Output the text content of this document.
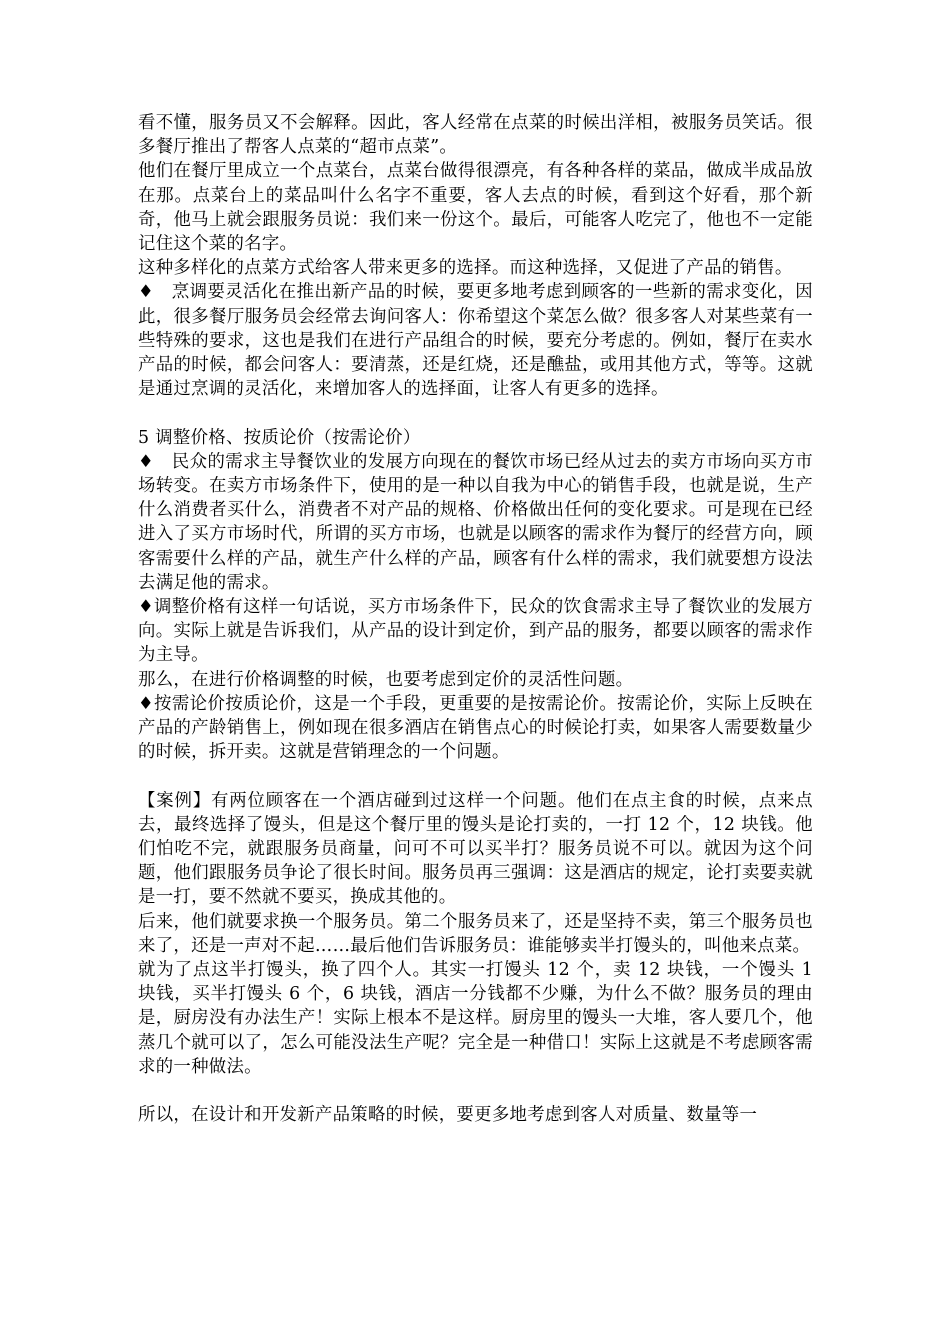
看不懂，服务员又不会解释。因此，客人经常在点菜的时候出洋相，被服务员笑话。很多餐厅推出了帮客人点菜的“超市点菜”。

他们在餐厅里成立一个点菜台，点菜台做得很漂亮，有各种各样的菜品，做成半成品放在那。点菜台上的菜品叫什么名字不重要，客人去点的时候，看到这个好看，那个新奇，他马上就会跟服务员说：我们来一份这个。最后，可能客人吃完了，他也不一定能记住这个菜的名字。

这种多样化的点菜方式给客人带来更多的选择。而这种选择，又促进了产品的销售。

♦　烹调要灵活化在推出新产品的时候，要更多地考虑到顾客的一些新的需求变化，因此，很多餐厅服务员会经常去询问客人：你希望这个菜怎么做？很多客人对某些菜有一些特殊的要求，这也是我们在进行产品组合的时候，要充分考虑的。例如，餐厅在卖水产品的时候，都会问客人：要清蒸，还是红烧，还是醮盐，或用其他方式，等等。这就是通过烹调的灵活化，来增加客人的选择面，让客人有更多的选择。

5 调整价格、按质论价（按需论价）

♦　民众的需求主导餐饮业的发展方向现在的餐饮市场已经从过去的卖方市场向买方市场转变。在卖方市场条件下，使用的是一种以自我为中心的销售手段，也就是说，生产什么消费者买什么，消费者不对产品的规格、价格做出任何的变化要求。可是现在已经进入了买方市场时代，所谓的买方市场，也就是以顾客的需求作为餐厅的经营方向，顾客需要什么样的产品，就生产什么样的产品，顾客有什么样的需求，我们就要想方设法去满足他的需求。

♦调整价格有这样一句话说，买方市场条件下，民众的饮食需求主导了餐饮业的发展方向。实际上就是告诉我们，从产品的设计到定价，到产品的服务，都要以顾客的需求作为主导。

那么，在进行价格调整的时候，也要考虑到定价的灵活性问题。

♦按需论价按质论价，这是一个手段，更重要的是按需论价。按需论价，实际上反映在产品的产龄销售上，例如现在很多酒店在销售点心的时候论打卖，如果客人需要数量少的时候，拆开卖。这就是营销理念的一个问题。

【案例】有两位顾客在一个酒店碰到过这样一个问题。他们在点主食的时候，点来点去，最终选择了馒头，但是这个餐厅里的馒头是论打卖的，一打 12 个，12 块钱。他们怕吃不完，就跟服务员商量，问可不可以买半打？服务员说不可以。就因为这个问题，他们跟服务员争论了很长时间。服务员再三强调：这是酒店的规定，论打卖要卖就是一打，要不然就不要买，换成其他的。

后来，他们就要求换一个服务员。第二个服务员来了，还是坚持不卖，第三个服务员也来了，还是一声对不起……最后他们告诉服务员：谁能够卖半打馒头的，叫他来点菜。

就为了点这半打馒头，换了四个人。其实一打馒头 12 个，卖 12 块钱，一个馒头 1 块钱，买半打馒头 6 个，6 块钱，酒店一分钱都不少赚，为什么不做？服务员的理由是，厨房没有办法生产！实际上根本不是这样。厨房里的馒头一大堆，客人要几个，他蒸几个就可以了，怎么可能没法生产呢？完全是一种借口！实际上这就是不考虑顾客需求的一种做法。

所以，在设计和开发新产品策略的时候，要更多地考虑到客人对质量、数量等一
